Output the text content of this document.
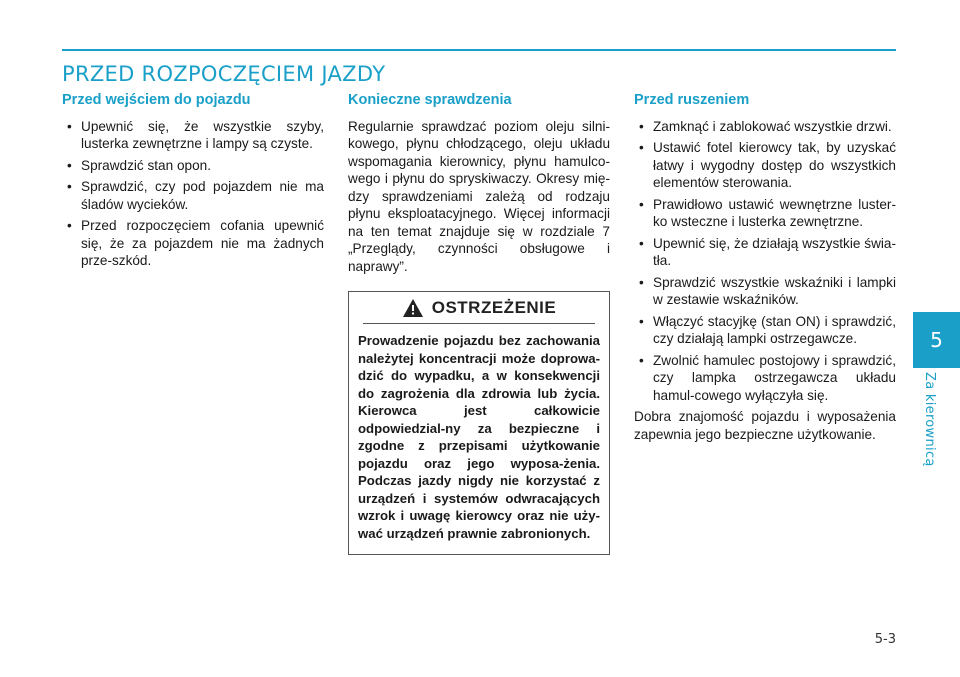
PRZED ROZPOCZĘCIEM JAZDY
Przed wejściem do pojazdu
• Upewnić się, że wszystkie szyby, lusterka zewnętrzne i lampy są czyste.
• Sprawdzić stan opon.
• Sprawdzić, czy pod pojazdem nie ma śladów wycieków.
• Przed rozpoczęciem cofania upewnić się, że za pojazdem nie ma żadnych prze-szkód.
Konieczne sprawdzenia

Regularnie sprawdzać poziom oleju silni-kowego, płynu chłodzącego, oleju układu wspomagania kierownicy, płynu hamulco-wego i płynu do spryskiwaczy. Okresy mię-dzy sprawdzeniami zależą od rodzaju płynu eksploatacyjnego. Więcej informacji na ten temat znajduje się w rozdziale 7 „Przeglądy, czynności obsługowe i naprawy”.

OSTRZEŻENIE

Prowadzenie pojazdu bez zachowania należytej koncentracji może doprowa-dzić do wypadku, a w konsekwencji do zagrożenia dla zdrowia lub życia. Kierowca jest całkowicie odpowiedzial-ny za bezpieczne i zgodne z przepisami użytkowanie pojazdu oraz jego wyposa-żenia. Podczas jazdy nigdy nie korzystać z urządzeń i systemów odwracających wzrok i uwagę kierowcy oraz nie uży-wać urządzeń prawnie zabronionych.

Przed ruszeniem
• Zamknąć i zablokować wszystkie drzwi.
• Ustawić fotel kierowcy tak, by uzyskać łatwy i wygodny dostęp do wszystkich elementów sterowania.
• Prawidłowo ustawić wewnętrzne luster-ko wsteczne i lusterka zewnętrzne.
• Upewnić się, że działają wszystkie świa-tła.
• Sprawdzić wszystkie wskaźniki i lampki w zestawie wskaźników.
• Włączyć stacyjkę (stan ON) i sprawdzić, czy działają lampki ostrzegawcze.
• Zwolnić hamulec postojowy i sprawdzić, czy lampka ostrzegawcza układu hamul-cowego wyłączyła się.

Dobra znajomość pojazdu i wyposażenia zapewnia jego bezpieczne użytkowanie.

5
Za kierownicą
5-3
